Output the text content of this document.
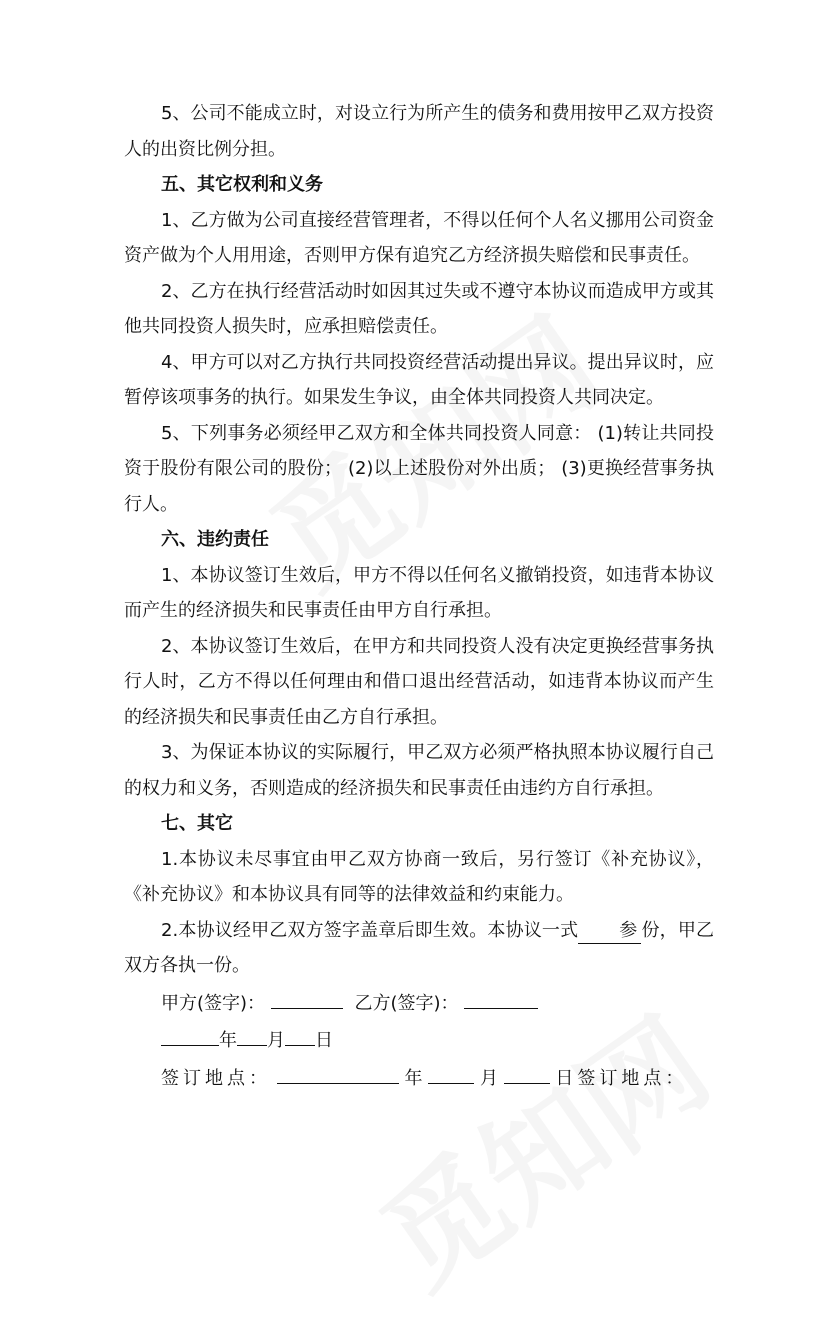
5、公司不能成立时，对设立行为所产生的债务和费用按甲乙双方投资人的出资比例分担。

五、其它权利和义务

1、乙方做为公司直接经营管理者，不得以任何个人名义挪用公司资金资产做为个人用用途，否则甲方保有追究乙方经济损失赔偿和民事责任。

2、乙方在执行经营活动时如因其过失或不遵守本协议而造成甲方或其他共同投资人损失时，应承担赔偿责任。

4、甲方可以对乙方执行共同投资经营活动提出异议。提出异议时，应暂停该项事务的执行。如果发生争议，由全体共同投资人共同决定。

5、下列事务必须经甲乙双方和全体共同投资人同意： (1)转让共同投资于股份有限公司的股份； (2)以上述股份对外出质； (3)更换经营事务执行人。

六、违约责任

1、本协议签订生效后，甲方不得以任何名义撤销投资，如违背本协议而产生的经济损失和民事责任由甲方自行承担。

2、本协议签订生效后，在甲方和共同投资人没有决定更换经营事务执行人时，乙方不得以任何理由和借口退出经营活动，如违背本协议而产生的经济损失和民事责任由乙方自行承担。

3、为保证本协议的实际履行，甲乙双方必须严格执照本协议履行自己的权力和义务，否则造成的经济损失和民事责任由违约方自行承担。

七、其它

1.本协议未尽事宜由甲乙双方协商一致后，另行签订《补充协议》，《补充协议》和本协议具有同等的法律效益和约束能力。

2.本协议经甲乙双方签字盖章后即生效。本协议一式 参 份，甲乙双方各执一份。

甲方(签字)：	乙方(签字)：

年 月 日

签订地点：	年	月	日签订地点：
